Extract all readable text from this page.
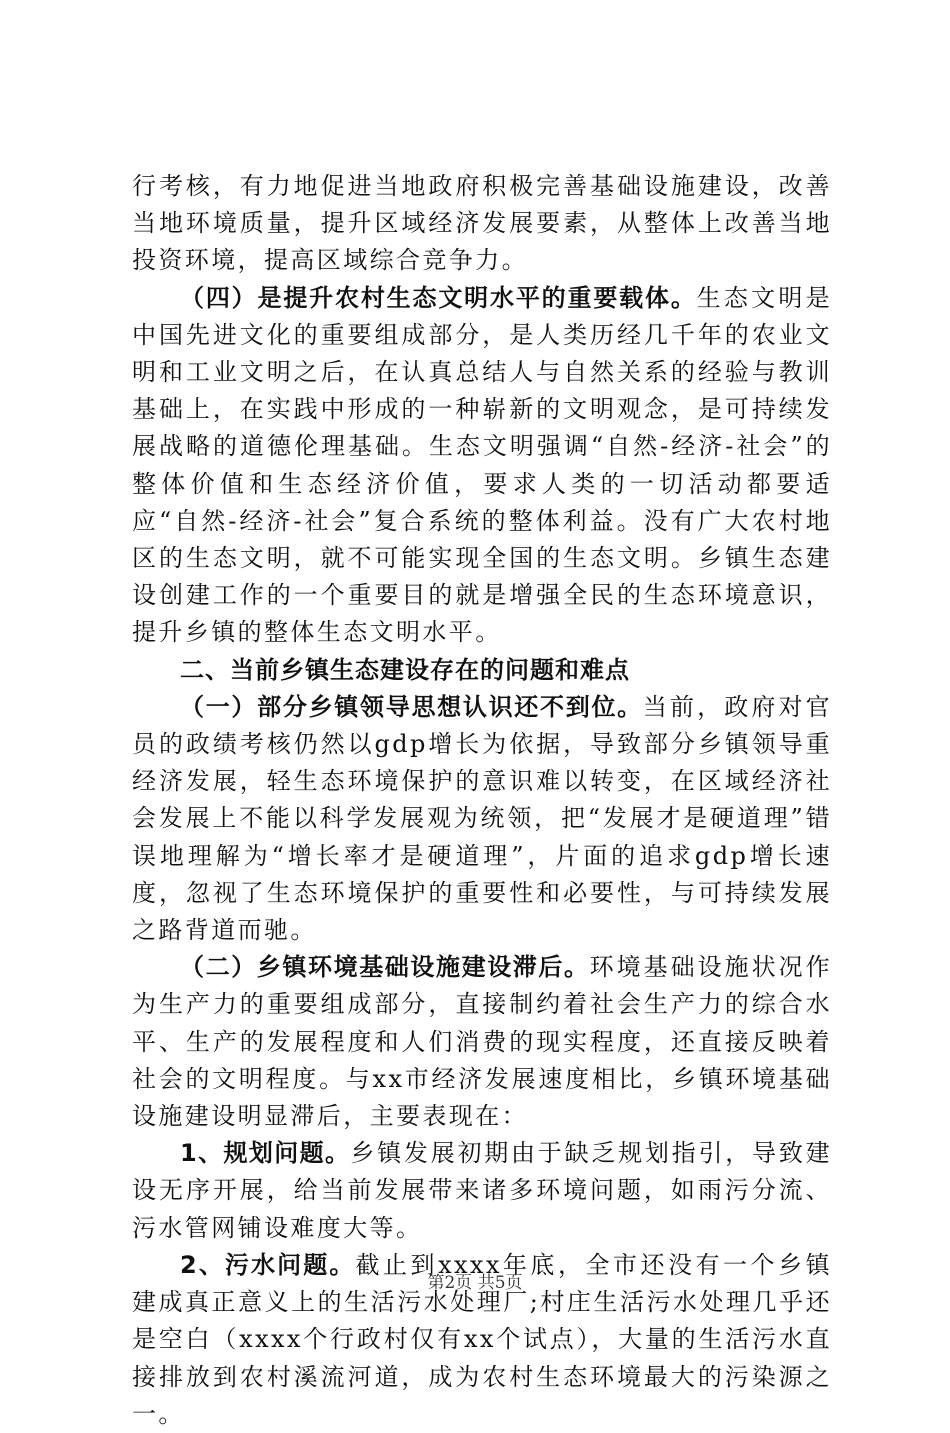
行考核，有力地促进当地政府积极完善基础设施建设，改善当地环境质量，提升区域经济发展要素，从整体上改善当地投资环境，提高区域综合竞争力。

（四）是提升农村生态文明水平的重要载体。生态文明是中国先进文化的重要组成部分，是人类历经几千年的农业文明和工业文明之后，在认真总结人与自然关系的经验与教训基础上，在实践中形成的一种崭新的文明观念，是可持续发展战略的道德伦理基础。生态文明强调“自然-经济-社会”的整体价值和生态经济价值，要求人类的一切活动都要适应“自然-经济-社会”复合系统的整体利益。没有广大农村地区的生态文明，就不可能实现全国的生态文明。乡镇生态建设创建工作的一个重要目的就是增强全民的生态环境意识，提升乡镇的整体生态文明水平。

二、当前乡镇生态建设存在的问题和难点

（一）部分乡镇领导思想认识还不到位。当前，政府对官员的政绩考核仍然以gdp增长为依据，导致部分乡镇领导重经济发展，轻生态环境保护的意识难以转变，在区域经济社会发展上不能以科学发展观为统领，把“发展才是硬道理”错误地理解为“增长率才是硬道理”，片面的追求gdp增长速度，忽视了生态环境保护的重要性和必要性，与可持续发展之路背道而驰。

（二）乡镇环境基础设施建设滞后。环境基础设施状况作为生产力的重要组成部分，直接制约着社会生产力的综合水平、生产的发展程度和人们消费的现实程度，还直接反映着社会的文明程度。与xx市经济发展速度相比，乡镇环境基础设施建设明显滞后，主要表现在：

1、规划问题。乡镇发展初期由于缺乏规划指引，导致建设无序开展，给当前发展带来诸多环境问题，如雨污分流、污水管网铺设难度大等。

2、污水问题。截止到xxxx年底，全市还没有一个乡镇建成真正意义上的生活污水处理厂;村庄生活污水处理几乎还是空白（xxxx个行政村仅有xx个试点），大量的生活污水直接排放到农村溪流河道，成为农村生态环境最大的污染源之一。

第2页 共5页
